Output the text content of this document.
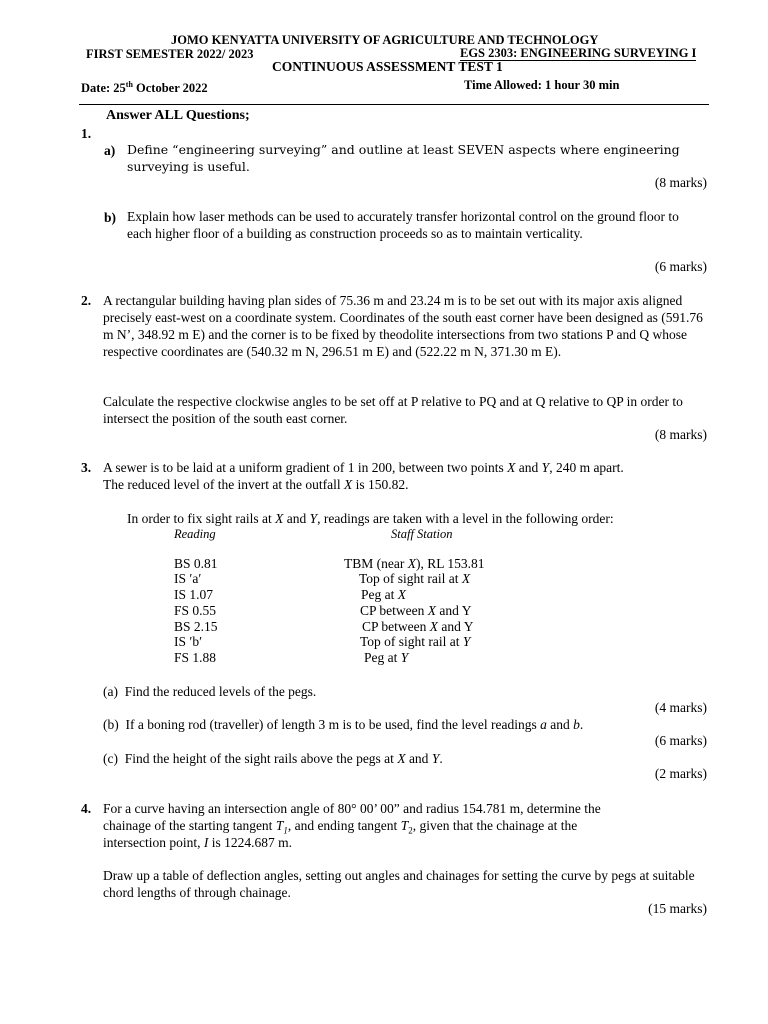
JOMO KENYATTA UNIVERSITY OF AGRICULTURE AND TECHNOLOGY
FIRST SEMESTER 2022/ 2023	EGS 2303: ENGINEERING SURVEYING I
CONTINUOUS ASSESSMENT TEST 1
Date: 25th October 2022	Time Allowed: 1 hour 30 min
Answer ALL Questions;
1.
a) Define “engineering surveying” and outline at least SEVEN aspects where engineering surveying is useful.
(8 marks)
b) Explain how laser methods can be used to accurately transfer horizontal control on the ground floor to each higher floor of a building as construction proceeds so as to maintain verticality.
(6 marks)
2. A rectangular building having plan sides of 75.36 m and 23.24 m is to be set out with its major axis aligned precisely east-west on a coordinate system. Coordinates of the south east corner have been designed as (591.76 m N’, 348.92 m E) and the corner is to be fixed by theodolite intersections from two stations P and Q whose respective coordinates are (540.32 m N, 296.51 m E) and (522.22 m N, 371.30 m E).
Calculate the respective clockwise angles to be set off at P relative to PQ and at Q relative to QP in order to intersect the position of the south east corner.
(8 marks)
3. A sewer is to be laid at a uniform gradient of 1 in 200, between two points X and Y, 240 m apart.
The reduced level of the invert at the outfall X is 150.82.
In order to fix sight rails at X and Y, readings are taken with a level in the following order:
Reading	Staff Station
BS 0.81	TBM (near X), RL 153.81
IS ′a′	Top of sight rail at X
IS 1.07	Peg at X
FS 0.55	CP between X and Y
BS 2.15	CP between X and Y
IS ′b′	Top of sight rail at Y
FS 1.88	Peg at Y
(a) Find the reduced levels of the pegs.
(4 marks)
(b) If a boning rod (traveller) of length 3 m is to be used, find the level readings a and b.
(6 marks)
(c) Find the height of the sight rails above the pegs at X and Y.
(2 marks)
4. For a curve having an intersection angle of 80° 00’ 00” and radius 154.781 m, determine the
chainage of the starting tangent $T_1$, and ending tangent $T_2$, given that the chainage at the
intersection point, I is 1224.687 m.
Draw up a table of deflection angles, setting out angles and chainages for setting the curve by pegs at suitable chord lengths of through chainage.
(15 marks)
